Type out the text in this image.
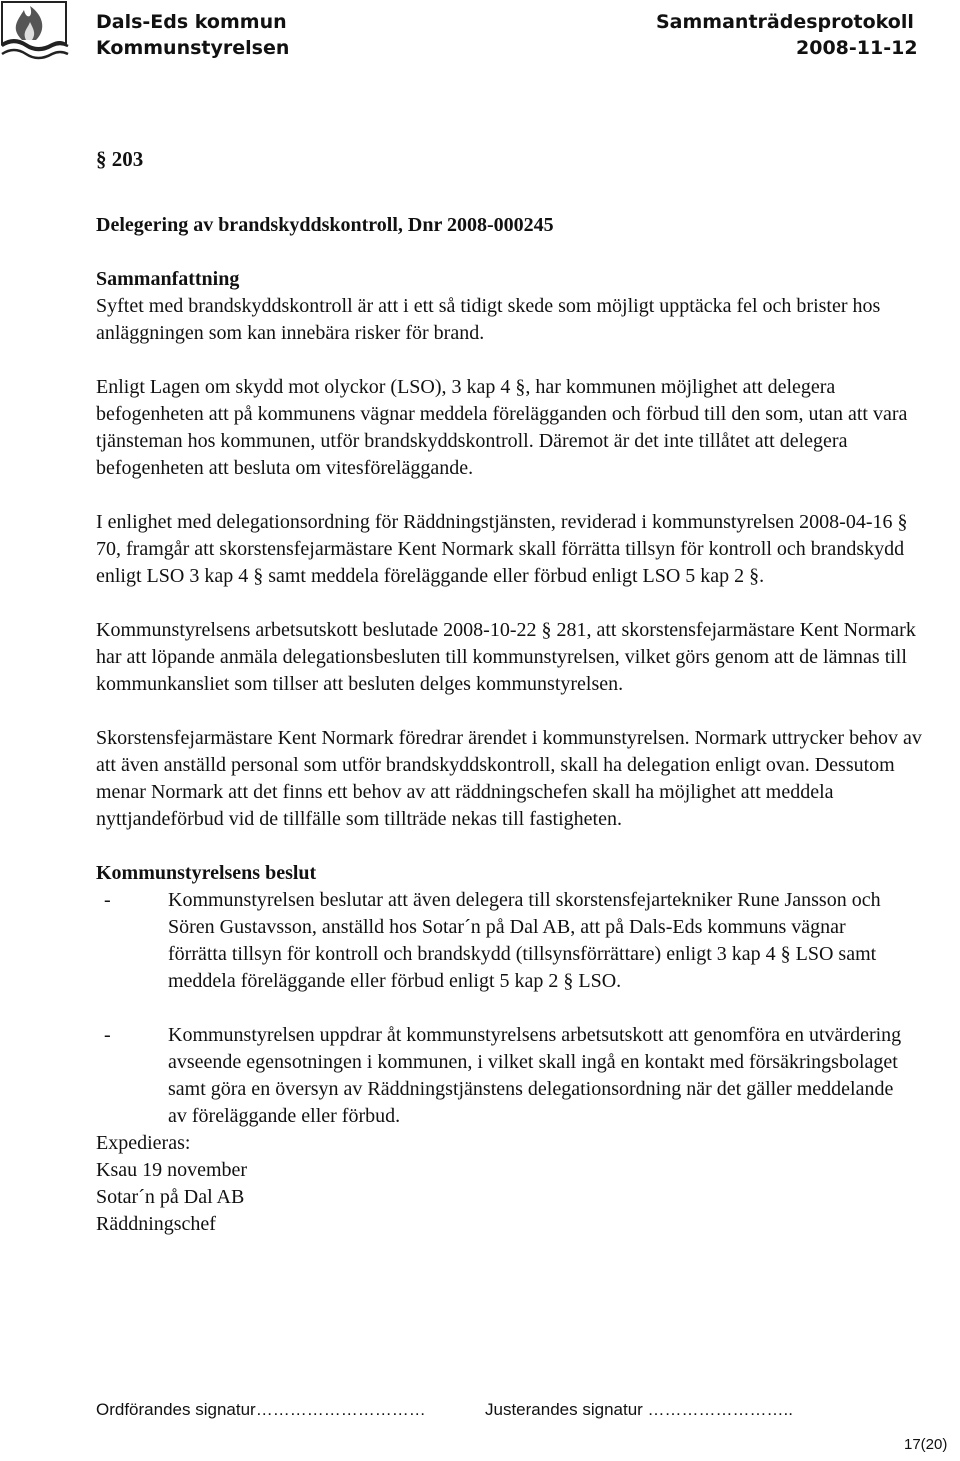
Dals-Eds kommun
Kommunstyrelsen
Sammanträdesprotokoll
2008-11-12

§ 203

Delegering av brandskyddskontroll, Dnr 2008-000245

Sammanfattning

Syftet med brandskyddskontroll är att i ett så tidigt skede som möjligt upptäcka fel och brister hos anläggningen som kan innebära risker för brand.

Enligt Lagen om skydd mot olyckor (LSO), 3 kap 4 §, har kommunen möjlighet att delegera befogenheten att på kommunens vägnar meddela förelägganden och förbud till den som, utan att vara tjänsteman hos kommunen, utför brandskyddskontroll. Däremot är det inte tillåtet att delegera befogenheten att besluta om vitesföreläggande.

I enlighet med delegationsordning för Räddningstjänsten, reviderad i kommunstyrelsen 2008-04-16 § 70, framgår att skorstensfejarmästare Kent Normark skall förrätta tillsyn för kontroll och brandskydd enligt LSO 3 kap 4 § samt meddela föreläggande eller förbud enligt LSO 5 kap 2 §.

Kommunstyrelsens arbetsutskott beslutade 2008-10-22 § 281, att skorstensfejarmästare Kent Normark har att löpande anmäla delegationsbesluten till kommunstyrelsen, vilket görs genom att de lämnas till kommunkansliet som tillser att besluten delges kommunstyrelsen.

Skorstensfejarmästare Kent Normark föredrar ärendet i kommunstyrelsen. Normark uttrycker behov av att även anställd personal som utför brandskyddskontroll, skall ha delegation enligt ovan. Dessutom menar Normark att det finns ett behov av att räddningschefen skall ha möjlighet att meddela nyttjandeförbud vid de tillfälle som tillträde nekas till fastigheten.

Kommunstyrelsens beslut

-	Kommunstyrelsen beslutar att även delegera till skorstensfejartekniker Rune Jansson och Sören Gustavsson, anställd hos Sotar´n på Dal AB, att på Dals-Eds kommuns vägnar förrätta tillsyn för kontroll och brandskydd (tillsynsförrättare) enligt 3 kap 4 § LSO samt meddela föreläggande eller förbud enligt 5 kap 2 § LSO.
-	Kommunstyrelsen uppdrar åt kommunstyrelsens arbetsutskott att genomföra en utvärdering avseende egensotningen i kommunen, i vilket skall ingå en kontakt med försäkringsbolaget samt göra en översyn av Räddningstjänstens delegationsordning när det gäller meddelande av föreläggande eller förbud.

Expedieras:

Ksau 19 november

Sotar´n på Dal AB

Räddningschef

Ordförandes signatur…………………………	Justerandes signatur ……………………..
17(20)
